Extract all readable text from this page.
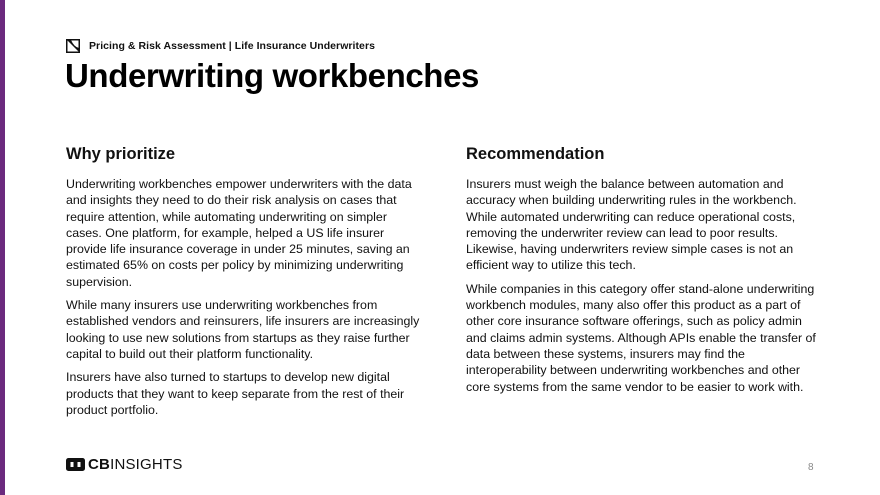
Pricing & Risk Assessment | Life Insurance Underwriters
Underwriting workbenches
Why prioritize

Underwriting workbenches empower underwriters with the data and insights they need to do their risk analysis on cases that require attention, while automating underwriting on simpler cases. One platform, for example, helped a US life insurer provide life insurance coverage in under 25 minutes, saving an estimated 65% on costs per policy by minimizing underwriting supervision.

While many insurers use underwriting workbenches from established vendors and reinsurers, life insurers are increasingly looking to use new solutions from startups as they raise further capital to build out their platform functionality.

Insurers have also turned to startups to develop new digital products that they want to keep separate from the rest of their product portfolio.

Recommendation

Insurers must weigh the balance between automation and accuracy when building underwriting rules in the workbench. While automated underwriting can reduce operational costs, removing the underwriter review can lead to poor results. Likewise, having underwriters review simple cases is not an efficient way to utilize this tech.

While companies in this category offer stand-alone underwriting workbench modules, many also offer this product as a part of other core insurance software offerings, such as policy admin and claims admin systems. Although APIs enable the transfer of data between these systems, insurers may find the interoperability between underwriting workbenches and other core systems from the same vendor to be easier to work with.

CBINSIGHTS	8
